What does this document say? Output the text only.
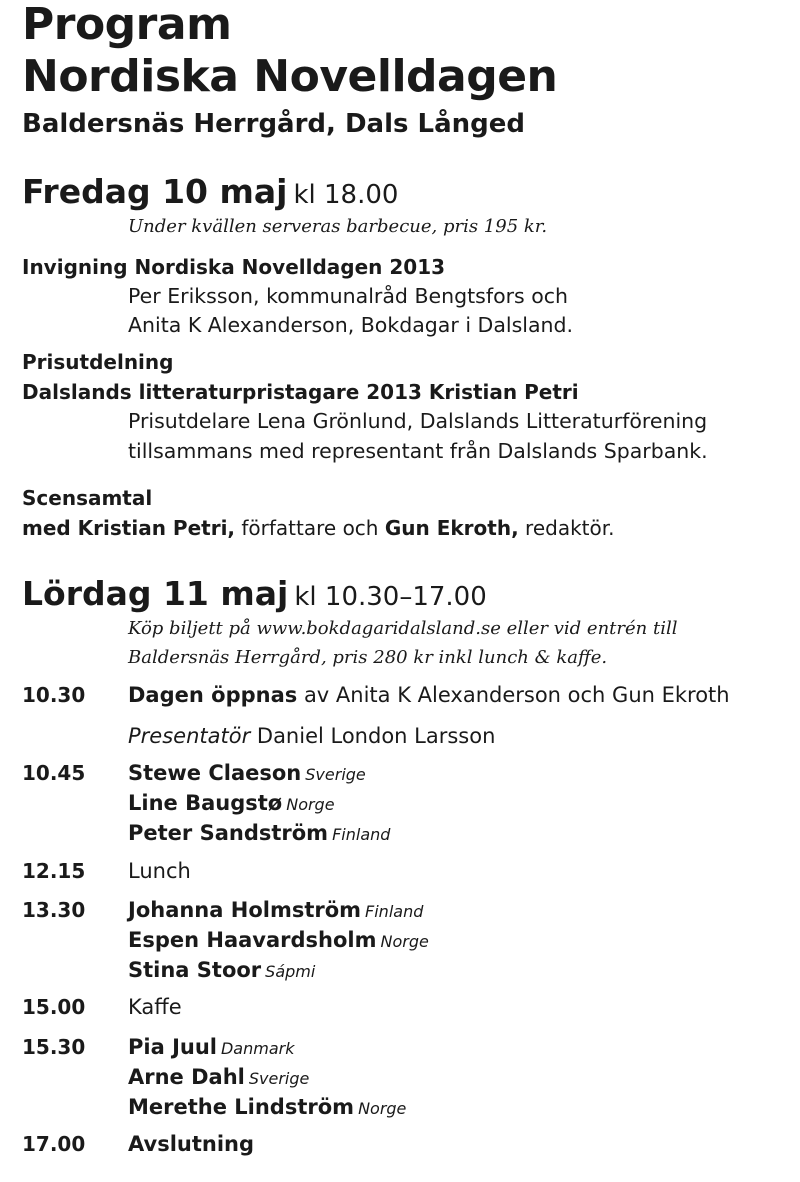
Program
Nordiska Novelldagen
Baldersnäs Herrgård, Dals Långed
Fredag 10 maj kl 18.00
Under kvällen serveras barbecue, pris 195 kr.
Invigning Nordiska Novelldagen 2013
Per Eriksson, kommunalråd Bengtsfors och
Anita K Alexanderson, Bokdagar i Dalsland.
Prisutdelning
Dalslands litteraturpristagare 2013 Kristian Petri
Prisutdelare Lena Grönlund, Dalslands Litteraturförening
tillsammans med representant från Dalslands Sparbank.
Scensamtal
med Kristian Petri, författare och Gun Ekroth, redaktör.
Lördag 11 maj kl 10.30–17.00
Köp biljett på www.bokdagaridalsland.se eller vid entrén till
Baldersnäs Herrgård, pris 280 kr inkl lunch & kaffe.
10.30 Dagen öppnas av Anita K Alexanderson och Gun Ekroth
Presentatör Daniel London Larsson
10.45 Stewe Claeson Sverige
Line Baugstø Norge
Peter Sandström Finland
12.15 Lunch
13.30 Johanna Holmström Finland
Espen Haavardsholm Norge
Stina Stoor Sápmi
15.00 Kaffe
15.30 Pia Juul Danmark
Arne Dahl Sverige
Merethe Lindström Norge
17.00 Avslutning
